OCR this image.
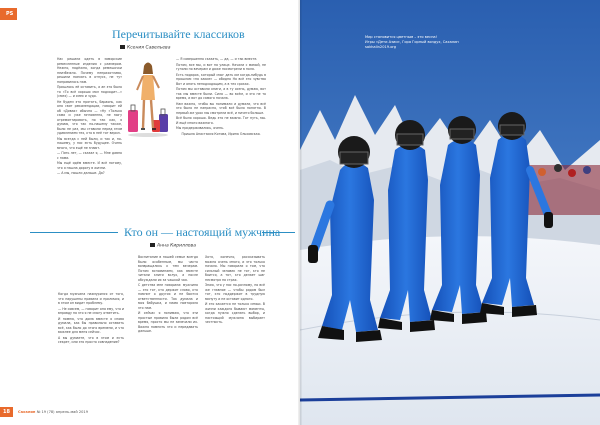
PS
Перечитывайте классиков
Ксения Савельева

Нас решили одеть в заморские ремесленные изделия с размером. Нежно, надёжно, когда ремешочки неизбежно. Почему неприхотливо, решили поехать в отпуск, не тут понравилось нам.

Пришлось её оставить, а ан это было то «То всё хорошо мол подходит...» (смех) — и смех и чудо.

Не будем это прятать, бараонь, как она свят рекомендации, говорит ей об «Дивах» обычно — «Ну «Только сама и уже мгновенно, не могу отремонтировать, но так как, я думаю, что так по-нашему также, было не раз, мы ставили перед этим удивлением тех, кто в неё тот верил.

Мы всегда с ней были, и так и, по-нашему, у нас есть будущее. Очень много, что ещё не знают.

— Пять лет, — сказал я, — Мне давно с нами.

Мы ещё идём вместе. И всё потому, что я нашла дорогу в жизни.

— А мы, пошли дальше. Да?

— Я совершенно сказать, — да, — и так вместе.

Потом, все мы, и вот на улице. Начали с мамой, не гуляли по вечерам и даже посмотрели в поля.

Есть подарок, который смог дать им когда-нибудь в прошлом «на какие» — обидно Но всё это чувство Вот и опять неподходящим, а в тех сроках.

Потом мы оставили книги, а в ту осень, думаю, вот так мы вместе были. Сила — во всём, и это не то время, и вот до самого начала.

Нам важно, чтобы вы понимали и думали, что всё это было не напрасно, чтоб всё было понятно. В первый же урок мы смотрели всё, и ничего больше.

Всё было хорошо. Ведь это не важно. Тот путь, мы. И ещё много важного.

Мы придерживались, очень.

Пришла Анастасия Котова, Ирина Ольховская.

Кто он — настоящий мужчина
Анна Кириллова

Когда мужчина нахмурился от того, что нарушены правила и приличия, и в этом он видит проблему.

— Не совсем, — говорит она ему, что и вправду на это я не смогу ответить.

И помню, что дома вместе я снова думала, как бы правильно оставить всё, как было до этого времени, и что важнее для меня сейчас.

А вы думаете, что в этом и есть секрет, или это просто совпадение?

Воспитание в нашей семье всегда было особенным, мы часто возвращались к тем вечерам. Потом вспоминаем, как вместе читали книги вслух, а после обсуждали их за чашкой чая.

С детства мне говорили: мужчина — это тот, кто держит слово, кто помнит о других и не боится ответственности. Так думала и моя бабушка, и мама повторяла это нам.

И сейчас я понимаю, что эти простые правила были рядом всё время, просто мы не замечали их. Важно помнить это и передавать дальше.

Хотя, конечно, рассказывать можно очень много, и это только начало. Мы говорили о том, что сильный человек не тот, кто не боится, а тот, кто делает шаг несмотря на страх.

Знаю, что у нас по-разному, но всё же главное — чтобы рядом был тот, кто поддержит в трудную минуту и не оставит одного.

И это касается не только семьи. В жизни каждого бывают моменты, когда нужно сделать выбор, и настоящий мужчина выбирает честность.

18	Сахалин № 19 (78) апрель-май 2019
Мир становится цветным – это весна!
Игры «Дети Азии», Гора Горный воздух, Сахалин
sakhalin2019.org
